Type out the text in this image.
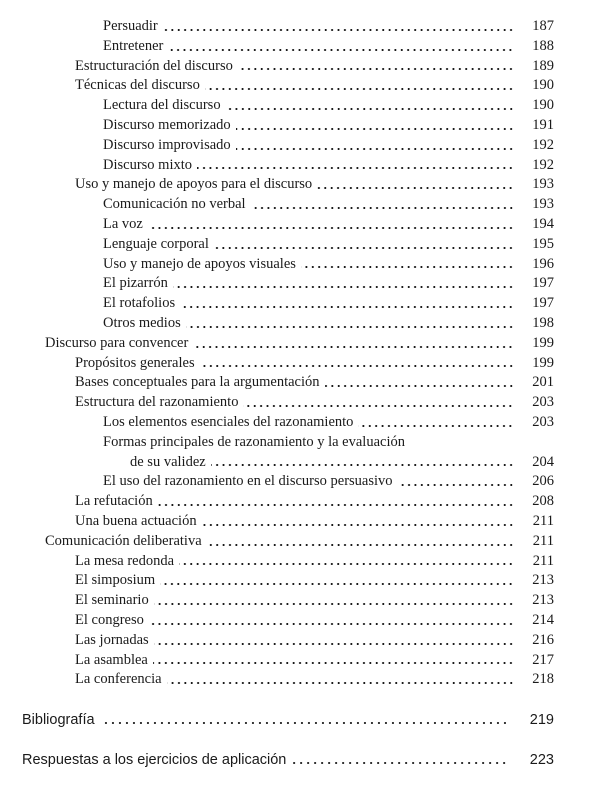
Persuadir	187
Entretener	188
Estructuración del discurso	189
Técnicas del discurso	190
Lectura del discurso	190
Discurso memorizado	191
Discurso improvisado	192
Discurso mixto	192
Uso y manejo de apoyos para el discurso	193
Comunicación no verbal	193
La voz	194
Lenguaje corporal	195
Uso y manejo de apoyos visuales	196
El pizarrón	197
El rotafolios	197
Otros medios	198
Discurso para convencer	199
Propósitos generales	199
Bases conceptuales para la argumentación	201
Estructura del razonamiento	203
Los elementos esenciales del razonamiento	203
Formas principales de razonamiento y la evaluación
de su validez	204
El uso del razonamiento en el discurso persuasivo	206
La refutación	208
Una buena actuación	211
Comunicación deliberativa	211
La mesa redonda	211
El simposium	213
El seminario	213
El congreso	214
Las jornadas	216
La asamblea	217
La conferencia	218
Bibliografía	219
Respuestas a los ejercicios de aplicación	223
